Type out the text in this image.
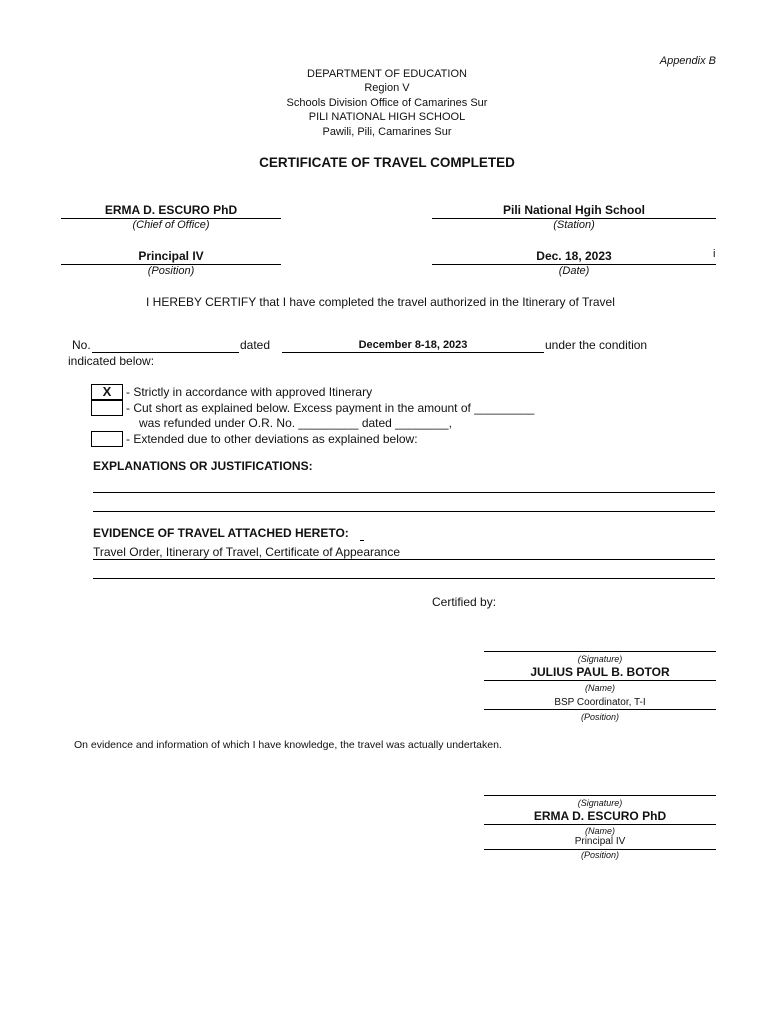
Appendix B
DEPARTMENT OF EDUCATION
Region V
Schools Division Office of Camarines Sur
PILI NATIONAL HIGH SCHOOL
Pawili, Pili, Camarines Sur
CERTIFICATE OF TRAVEL COMPLETED
ERMA D. ESCURO PhD
(Chief of Office)
Pili National Hgih School
(Station)
Principal IV
(Position)
Dec. 18, 2023
(Date)
i
I HEREBY CERTIFY that I have completed the travel authorized in the Itinerary of Travel
No.	dated	December 8-18, 2023	under the condition
indicated below:
X	- Strictly in accordance with approved Itinerary
- Cut short as explained below. Excess payment in the amount of _________
was refunded under O.R. No. _________ dated ________,
- Extended due to other deviations as explained below:
EXPLANATIONS OR JUSTIFICATIONS:
EVIDENCE OF TRAVEL ATTACHED HERETO:
Travel Order, Itinerary of Travel, Certificate of Appearance
Certified by:
(Signature)
JULIUS PAUL B. BOTOR
(Name)
BSP Coordinator, T-I
(Position)
On evidence and information of which I have knowledge, the travel was actually undertaken.
(Signature)
ERMA D. ESCURO PhD
(Name)
Principal IV
(Position)
